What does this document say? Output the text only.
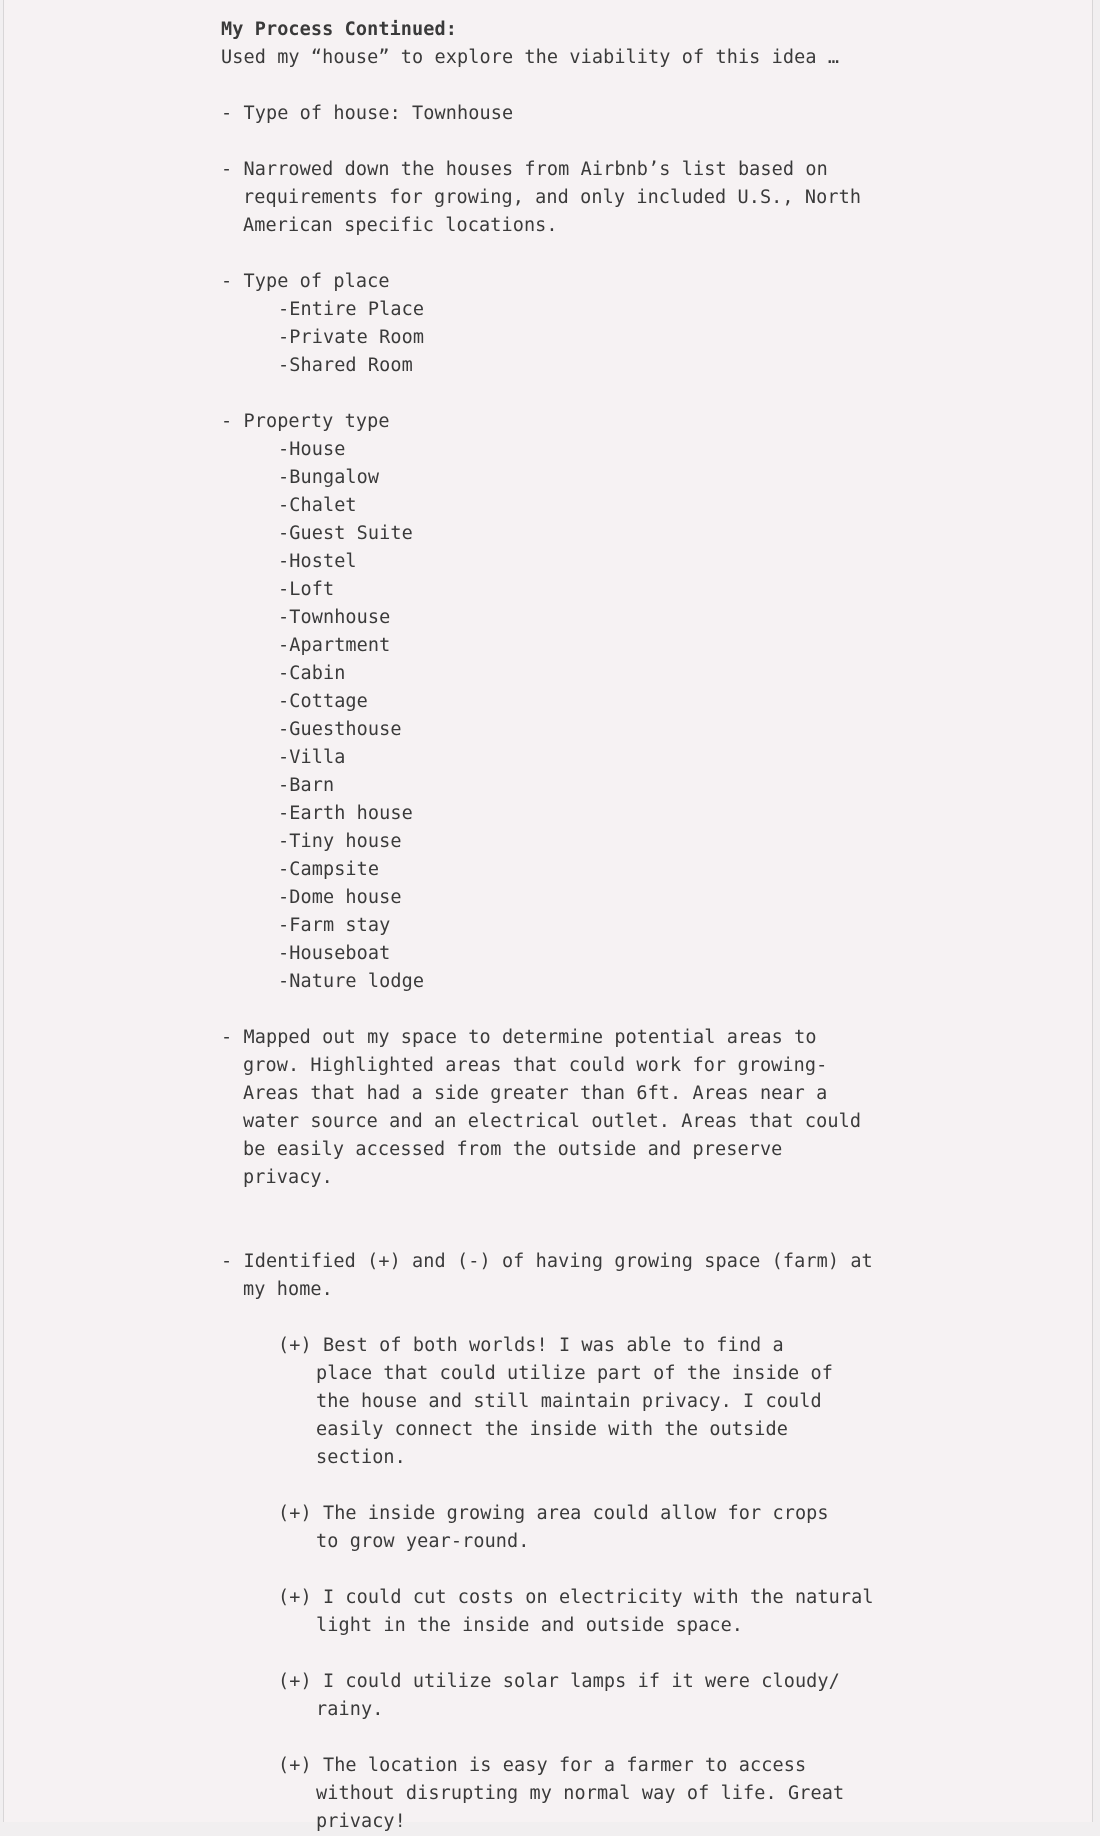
My Process Continued:
Used my “house” to explore the viability of this idea …
- Type of house: Townhouse
- Narrowed down the houses from Airbnb’s list based on requirements for growing, and only included U.S., North American specific locations.
- Type of place
-Entire Place
-Private Room
-Shared Room
- Property type
-House
-Bungalow
-Chalet
-Guest Suite
-Hostel
-Loft
-Townhouse
-Apartment
-Cabin
-Cottage
-Guesthouse
-Villa
-Barn
-Earth house
-Tiny house
-Campsite
-Dome house
-Farm stay
-Houseboat
-Nature lodge
- Mapped out my space to determine potential areas to grow. Highlighted areas that could work for growing- Areas that had a side greater than 6ft. Areas near a water source and an electrical outlet. Areas that could be easily accessed from the outside and preserve privacy.
- Identified (+) and (-) of having growing space (farm) at my home.
(+) Best of both worlds! I was able to find a place that could utilize part of the inside of the house and still maintain privacy. I could easily connect the inside with the outside section.
(+) The inside growing area could allow for crops to grow year-round.
(+) I could cut costs on electricity with the natural light in the inside and outside space.
(+) I could utilize solar lamps if it were cloudy/ rainy.
(+) The location is easy for a farmer to access without disrupting my normal way of life. Great privacy!
